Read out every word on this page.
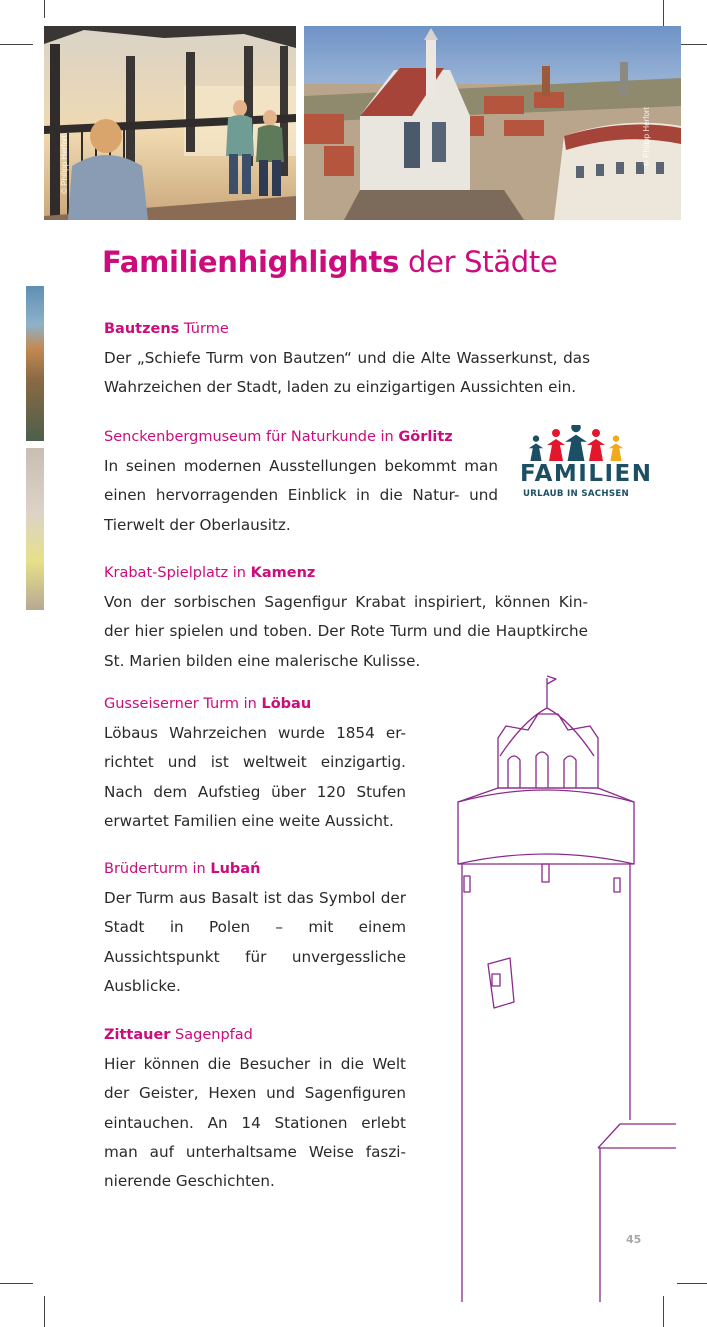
© Philipp Herfort	© Philipp Herfort
Familienhighlights der Städte
Bautzens Türme

Der „Schiefe Turm von Bautzen“ und die Alte Wasserkunst, das Wahrzeichen der Stadt, laden zu einzigartigen Aussichten ein.

Senckenbergmuseum für Naturkunde in Görlitz

In seinen modernen Ausstellungen bekommt man einen hervorragenden Einblick in die Natur- und Tierwelt der Oberlausitz.

FAMILIEN
URLAUB IN SACHSEN
Krabat-Spielplatz in Kamenz

Von der sorbischen Sagenfigur Krabat inspiriert, können Kin-der hier spielen und toben. Der Rote Turm und die Hauptkirche St. Marien bilden eine malerische Kulisse.

Gusseiserner Turm in Löbau

Löbaus Wahrzeichen wurde 1854 er-richtet und ist weltweit einzigartig. Nach dem Aufstieg über 120 Stufen erwartet Familien eine weite Aussicht.

Brüderturm in Lubań

Der Turm aus Basalt ist das Symbol der Stadt in Polen – mit einem Aussichtspunkt für unvergessliche Ausblicke.

Zittauer Sagenpfad

Hier können die Besucher in die Welt der Geister, Hexen und Sagenfiguren eintauchen. An 14 Stationen erlebt man auf unterhaltsame Weise faszi-nierende Geschichten.

45
